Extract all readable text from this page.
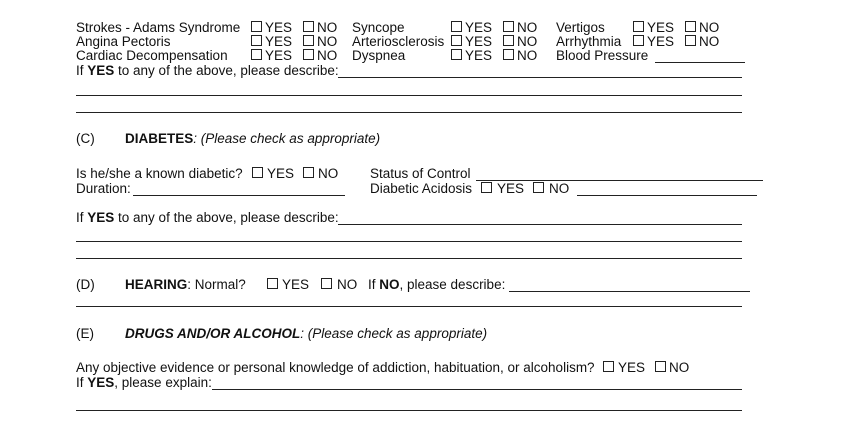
Strokes - Adams Syndrome YES NO Syncope	YES NO Vertigos	YES NO
Angina Pectoris	YES NO Arteriosclerosis YES NO Arrhythmia YES NO
Cardiac Decompensation	YES NO Dyspnea	YES NO Blood Pressure
If YES to any of the above, please describe:
(C) DIABETES: (Please check as appropriate)
Is he/she a known diabetic? YES NO Status of Control
Duration:	Diabetic Acidosis YES NO
If YES to any of the above, please describe:
(D) HEARING: Normal?	YES NO If NO, please describe:
(E) DRUGS AND/OR ALCOHOL: (Please check as appropriate)
Any objective evidence or personal knowledge of addiction, habituation, or alcoholism? YES NO
If YES, please explain:
